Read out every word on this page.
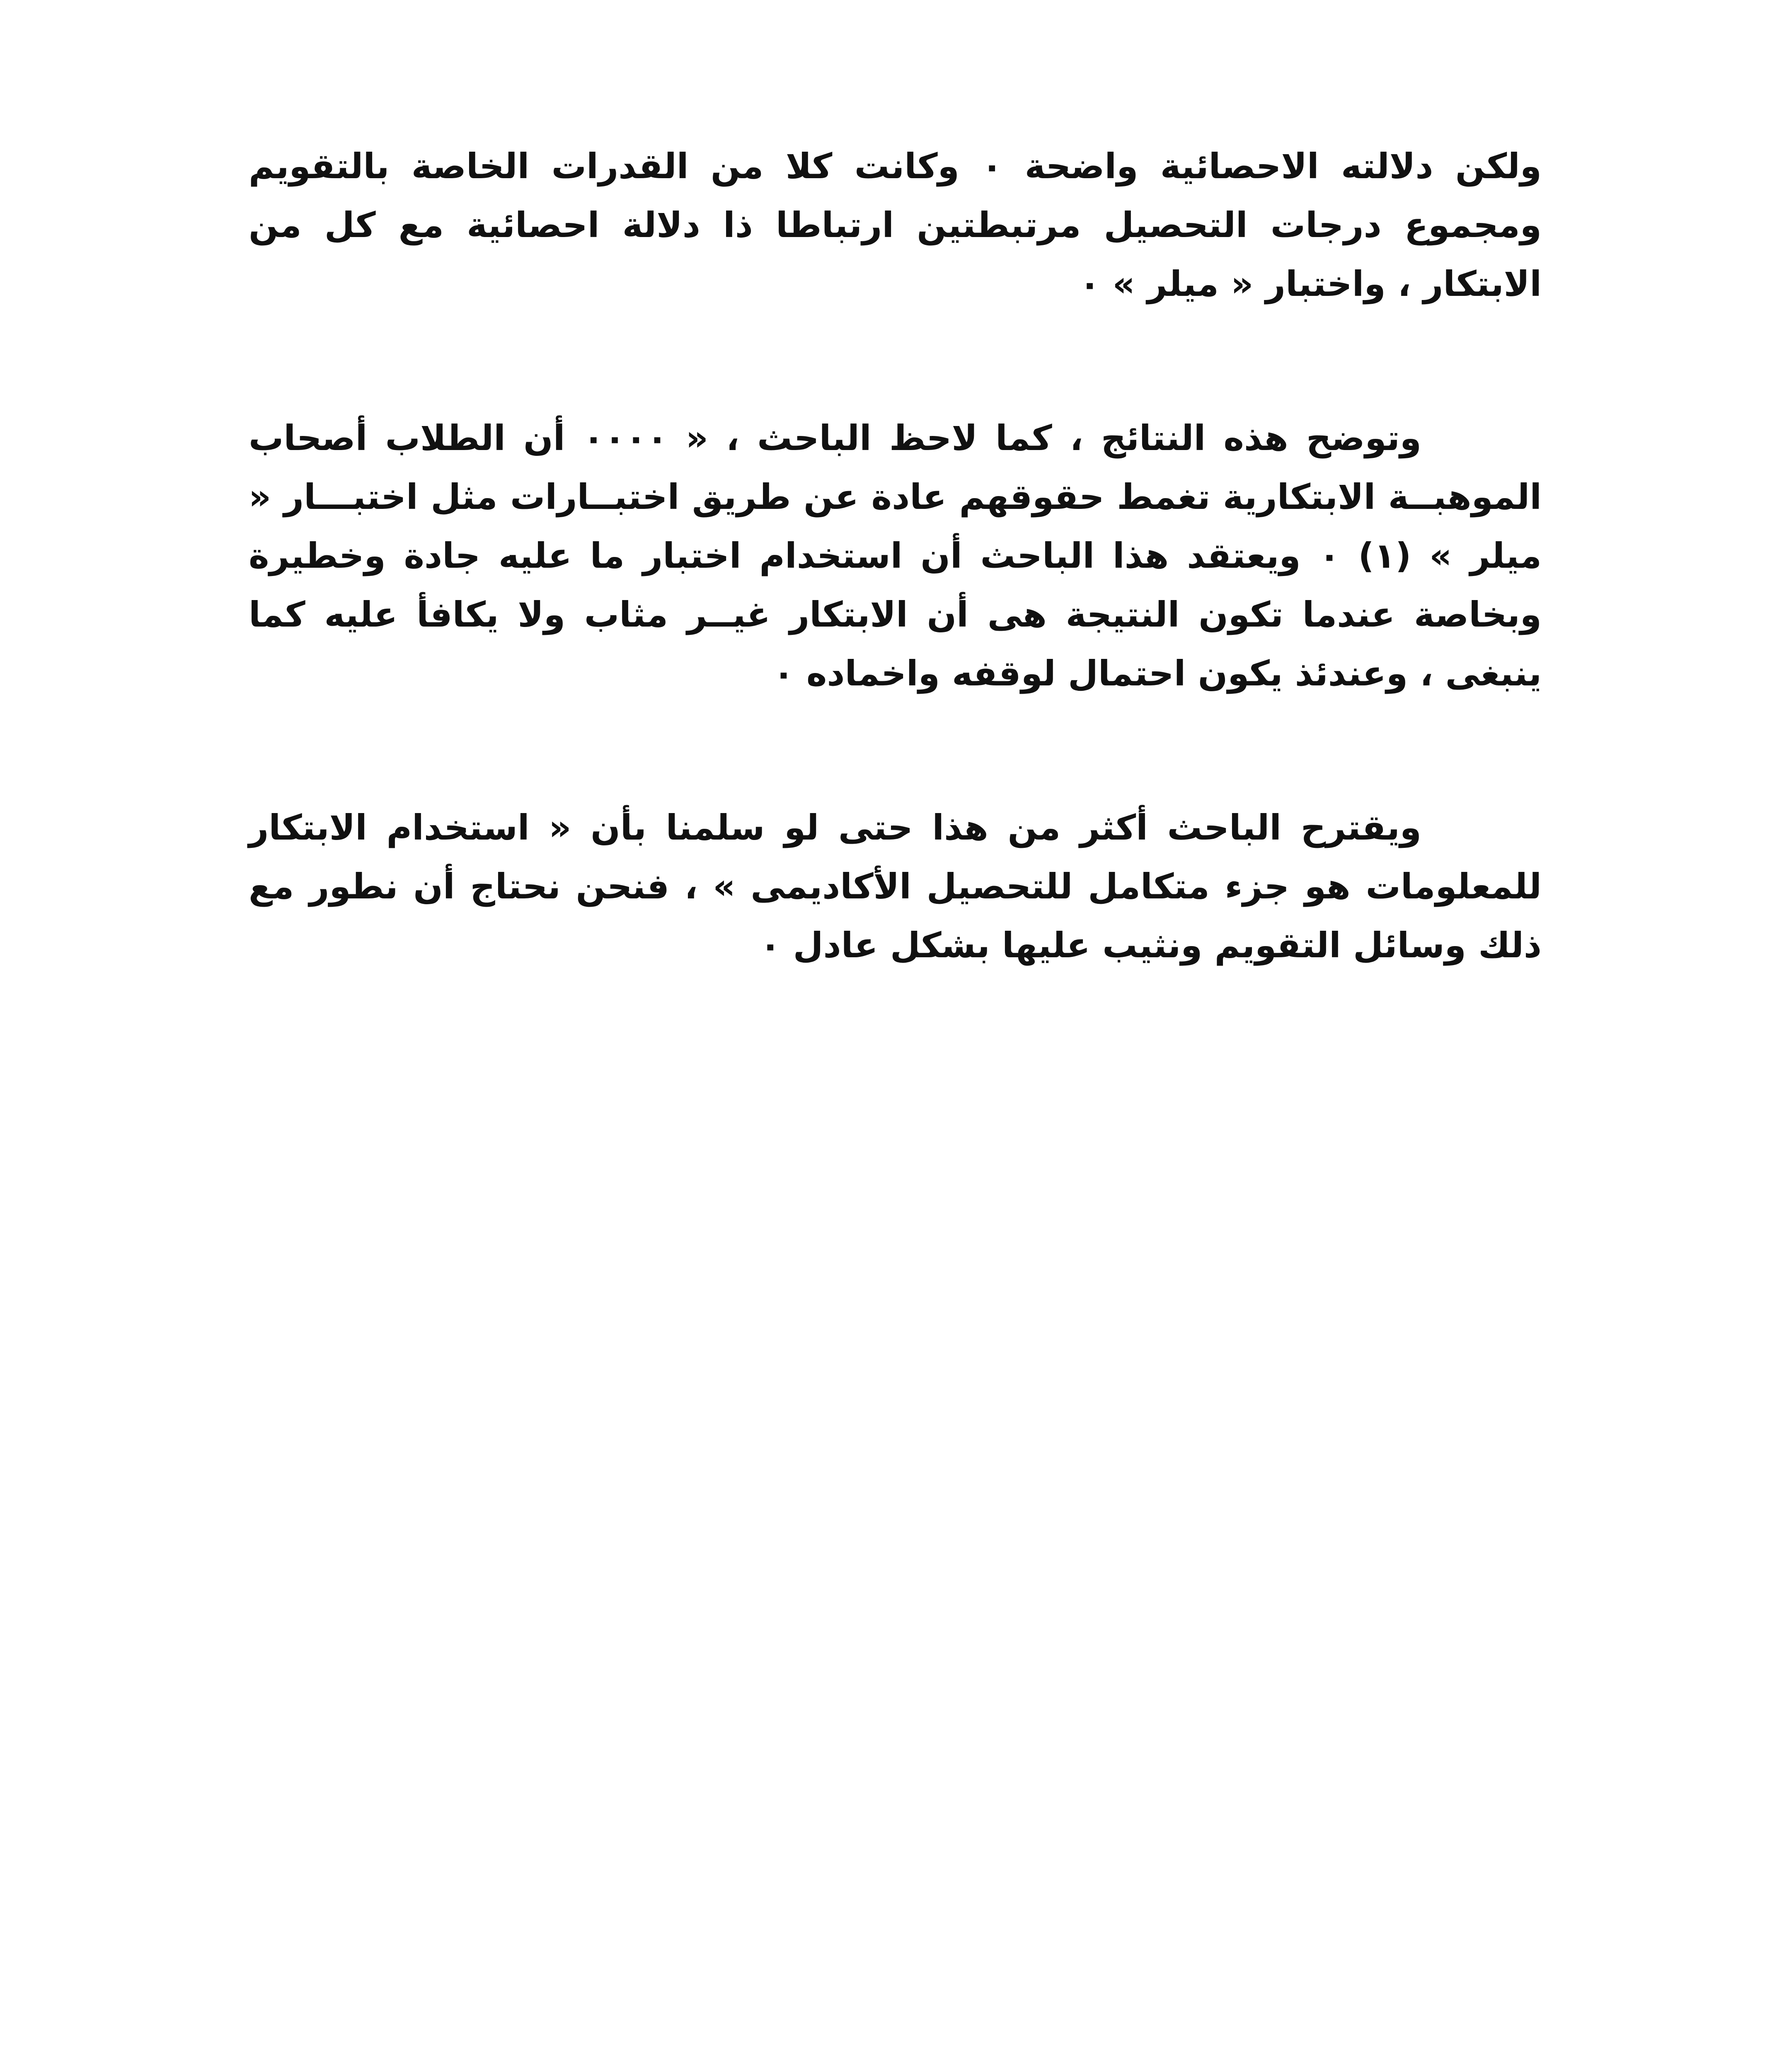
ولكن دلالته الاحصائية واضحة ٠ وكانت كلا من القدرات الخاصة بالتقويم ومجموع درجات التحصيل مرتبطتين ارتباطا ذا دلالة احصائية مع كل من الابتكار ، واختبار « ميلر » ٠

وتوضح هذه النتائج ، كما لاحظ الباحث ، « ٠٠٠٠ أن الطلاب أصحاب الموهبــة الابتكارية تغمط حقوقهم عادة عن طريق اختبــارات مثل اختبـــار « ميلر » (١) ٠ ويعتقد هذا الباحث أن استخدام اختبار ما عليه جادة وخطيرة وبخاصة عندما تكون النتيجة هى أن الابتكار غيــر مثاب ولا يكافأ عليه كما ينبغى ، وعندئذ يكون احتمال لوقفه واخماده ٠

ويقترح الباحث أكثر من هذا حتى لو سلمنا بأن « استخدام الابتكار للمعلومات هو جزء متكامل للتحصيل الأكاديمى » ، فنحن نحتاج أن نطور مع ذلك وسائل التقويم ونثيب عليها بشكل عادل ٠
